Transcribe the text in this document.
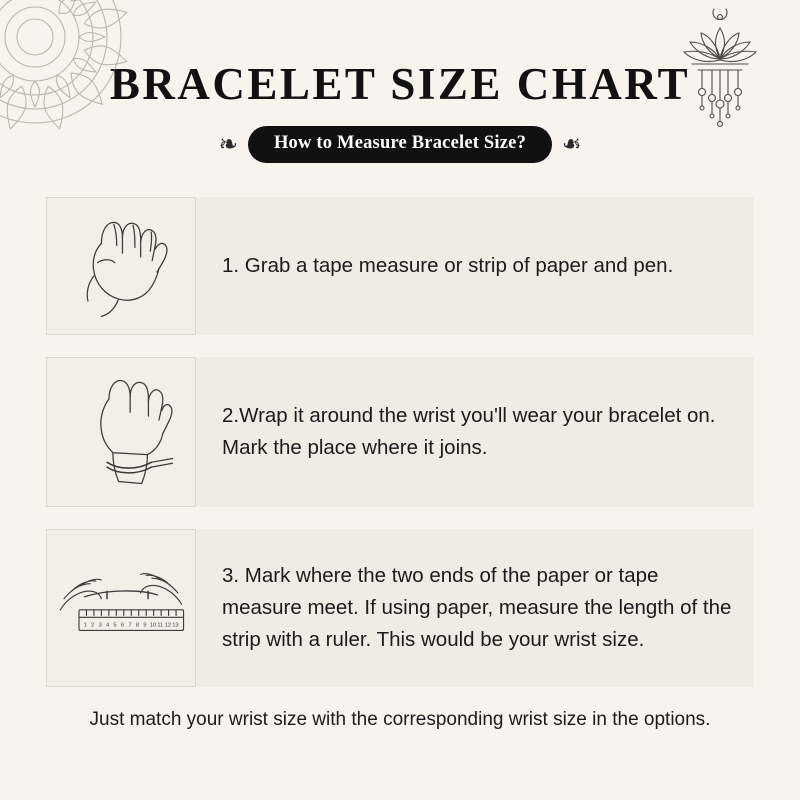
BRACELET SIZE CHART
❧	How to Measure Bracelet Size?	❧
1. Grab a tape measure or strip of paper and pen.
2.Wrap it around the wrist you'll wear your bracelet on. Mark the place where it joins.
1 2 3 4 5 6 7 8 9 10 11 12 13
3. Mark where the two ends of the paper or tape measure meet. If using paper, measure the length of the strip with a ruler. This would be your wrist size.
Just match your wrist size with the corresponding wrist size in the options.
